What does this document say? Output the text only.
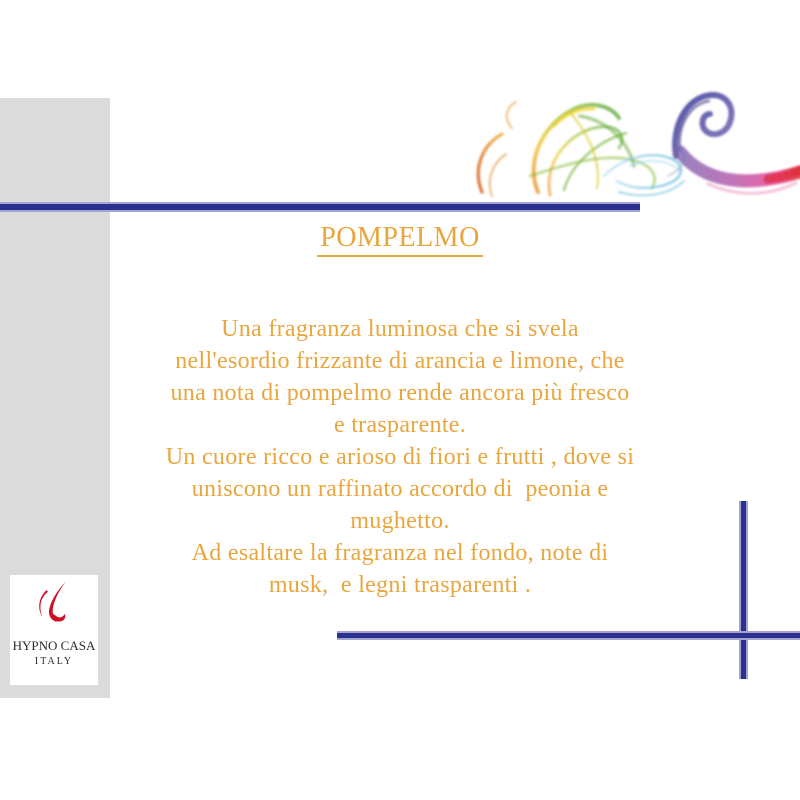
POMPELMO
Una fragranza luminosa che si svela
nell'esordio frizzante di arancia e limone, che
una nota di pompelmo rende ancora più fresco
e trasparente.
Un cuore ricco e arioso di fiori e frutti , dove si
uniscono un raffinato accordo di  peonia e
mughetto.
Ad esaltare la fragranza nel fondo, note di
musk,  e legni trasparenti .
HYPNO CASA
ITALY
